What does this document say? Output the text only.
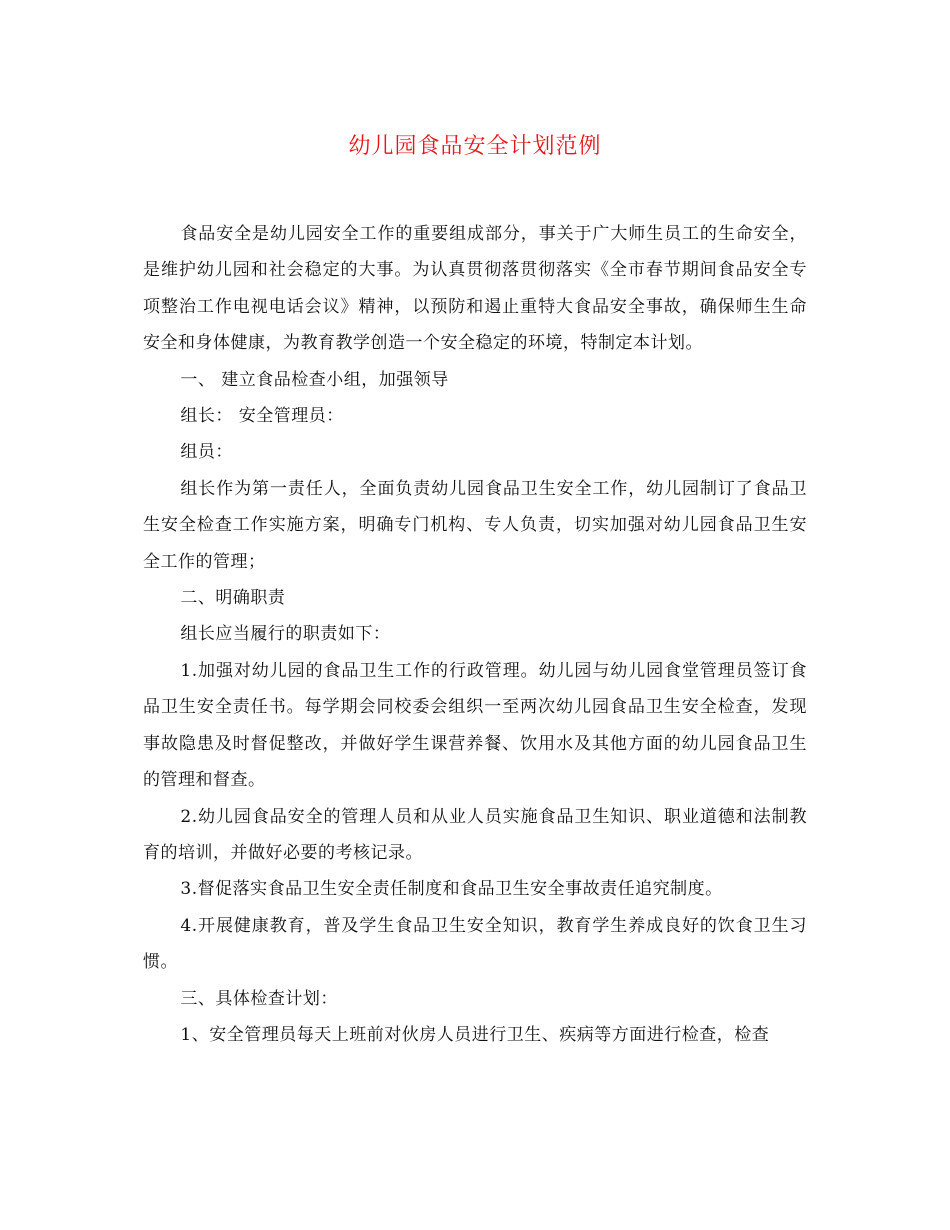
幼儿园食品安全计划范例

食品安全是幼儿园安全工作的重要组成部分，事关于广大师生员工的生命安全，是维护幼儿园和社会稳定的大事。为认真贯彻落贯彻落实《全市春节期间食品安全专项整治工作电视电话会议》精神，以预防和遏止重特大食品安全事故，确保师生生命安全和身体健康，为教育教学创造一个安全稳定的环境，特制定本计划。

一、 建立食品检查小组，加强领导

组长： 安全管理员：

组员：

组长作为第一责任人，全面负责幼儿园食品卫生安全工作，幼儿园制订了食品卫生安全检查工作实施方案，明确专门机构、专人负责，切实加强对幼儿园食品卫生安全工作的管理；

二、明确职责

组长应当履行的职责如下：

1.加强对幼儿园的食品卫生工作的行政管理。幼儿园与幼儿园食堂管理员签订食品卫生安全责任书。每学期会同校委会组织一至两次幼儿园食品卫生安全检查，发现事故隐患及时督促整改，并做好学生课营养餐、饮用水及其他方面的幼儿园食品卫生的管理和督查。

2.幼儿园食品安全的管理人员和从业人员实施食品卫生知识、职业道德和法制教育的培训，并做好必要的考核记录。

3.督促落实食品卫生安全责任制度和食品卫生安全事故责任追究制度。

4.开展健康教育，普及学生食品卫生安全知识，教育学生养成良好的饮食卫生习惯。

三、具体检查计划：

1、安全管理员每天上班前对伙房人员进行卫生、疾病等方面进行检查，检查
